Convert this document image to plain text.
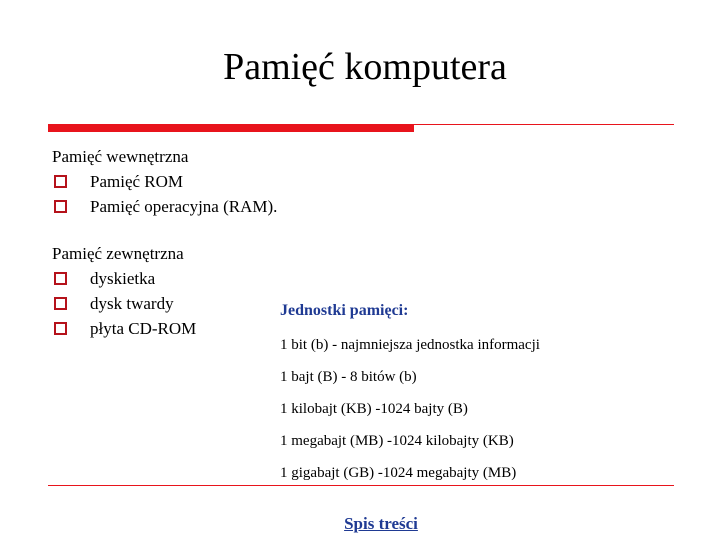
Pamięć komputera
Pamięć wewnętrzna
Pamięć ROM
Pamięć operacyjna (RAM).
Pamięć zewnętrzna
dyskietka
dysk twardy
płyta CD-ROM
Jednostki pamięci:
1 bit (b) - najmniejsza jednostka informacji
1 bajt (B) - 8 bitów (b)
1 kilobajt (KB) -1024 bajty (B)
1 megabajt (MB) -1024 kilobajty (KB)
1 gigabajt (GB) -1024 megabajty (MB)
Spis treści
